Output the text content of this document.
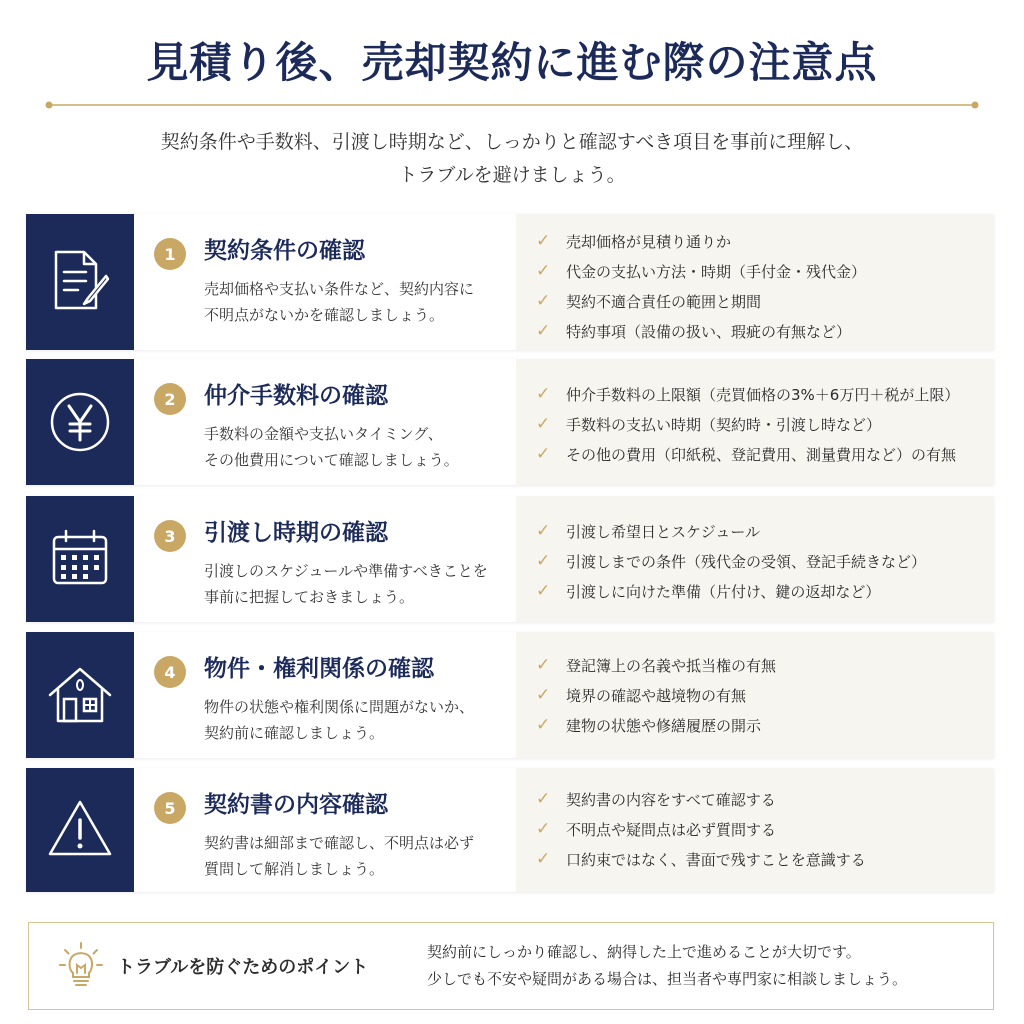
見積り後、売却契約に進む際の注意点
契約条件や手数料、引渡し時期など、しっかりと確認すべき項目を事前に理解し、
トラブルを避けましょう。
1	契約条件の確認
売却価格や支払い条件など、契約内容に
不明点がないかを確認しましょう。
✓	売却価格が見積り通りか
✓	代金の支払い方法・時期（手付金・残代金）
✓	契約不適合責任の範囲と期間
✓	特約事項（設備の扱い、瑕疵の有無など）
2	仲介手数料の確認
手数料の金額や支払いタイミング、
その他費用について確認しましょう。
✓	仲介手数料の上限額（売買価格の3%＋6万円＋税が上限）
✓	手数料の支払い時期（契約時・引渡し時など）
✓	その他の費用（印紙税、登記費用、測量費用など）の有無
3	引渡し時期の確認
引渡しのスケジュールや準備すべきことを
事前に把握しておきましょう。
✓	引渡し希望日とスケジュール
✓	引渡しまでの条件（残代金の受領、登記手続きなど）
✓	引渡しに向けた準備（片付け、鍵の返却など）
4	物件・権利関係の確認
物件の状態や権利関係に問題がないか、
契約前に確認しましょう。
✓	登記簿上の名義や抵当権の有無
✓	境界の確認や越境物の有無
✓	建物の状態や修繕履歴の開示
5	契約書の内容確認
契約書は細部まで確認し、不明点は必ず
質問して解消しましょう。
✓	契約書の内容をすべて確認する
✓	不明点や疑問点は必ず質問する
✓	口約束ではなく、書面で残すことを意識する
トラブルを防ぐためのポイント
契約前にしっかり確認し、納得した上で進めることが大切です。
少しでも不安や疑問がある場合は、担当者や専門家に相談しましょう。
